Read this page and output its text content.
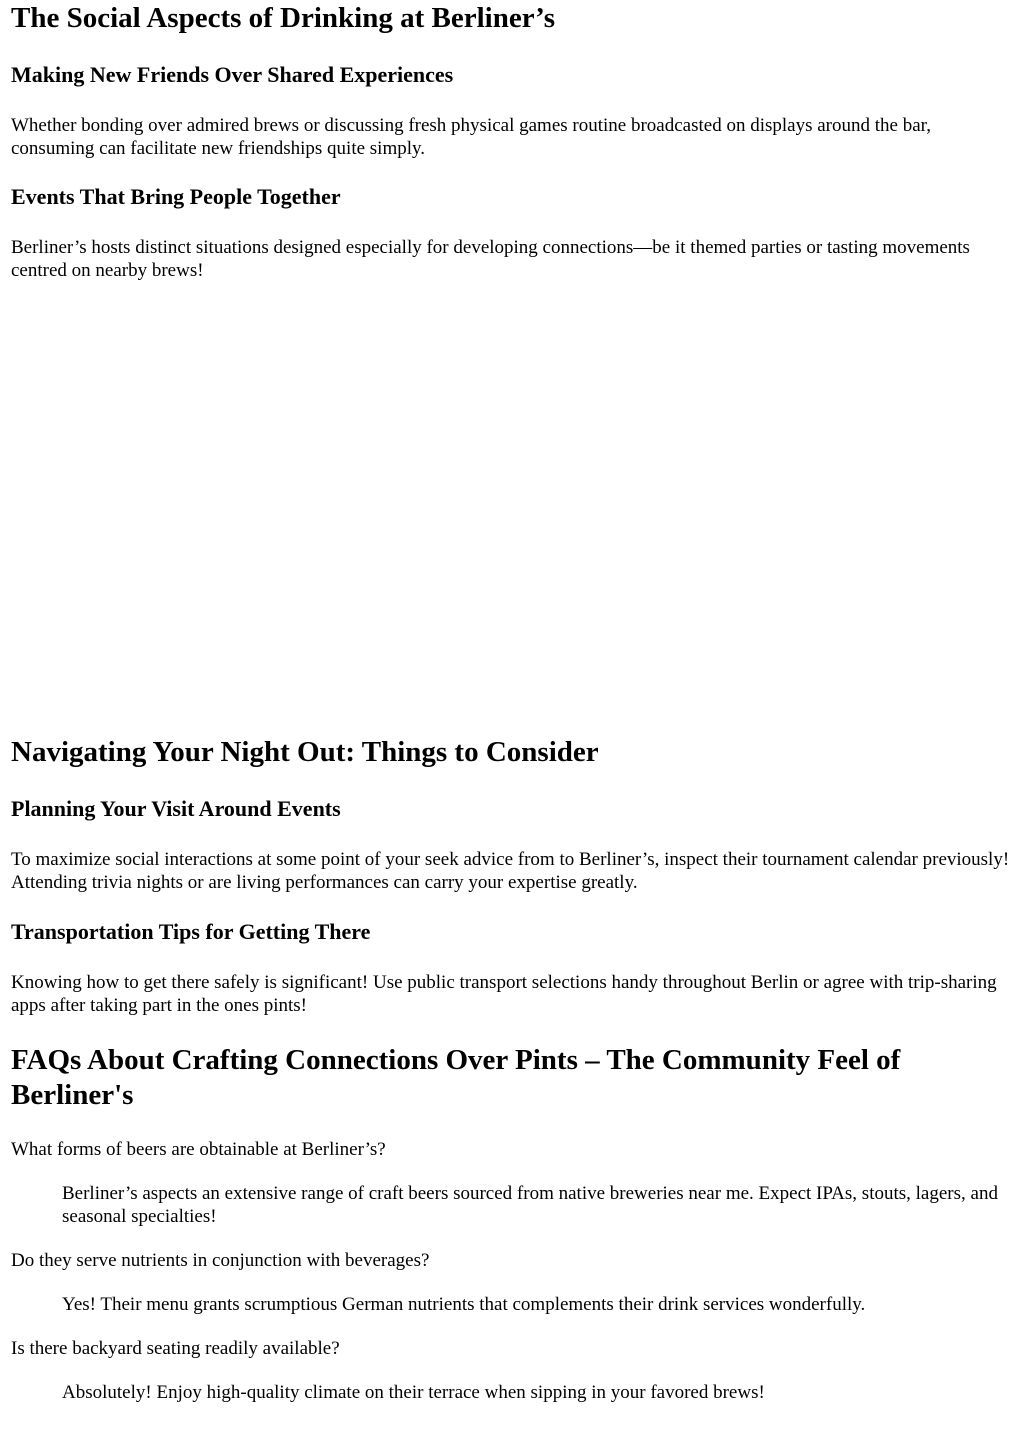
The Social Aspects of Drinking at Berliner’s
Making New Friends Over Shared Experiences

Whether bonding over admired brews or discussing fresh physical games routine broadcasted on displays around the bar, consuming can facilitate new friendships quite simply.

Events That Bring People Together

Berliner’s hosts distinct situations designed especially for developing connections—be it themed parties or tasting movements centred on nearby brews!

Navigating Your Night Out: Things to Consider
Planning Your Visit Around Events

To maximize social interactions at some point of your seek advice from to Berliner’s, inspect their tournament calendar previously! Attending trivia nights or are living performances can carry your expertise greatly.

Transportation Tips for Getting There

Knowing how to get there safely is significant! Use public transport selections handy throughout Berlin or agree with trip-sharing apps after taking part in the ones pints!

FAQs About Crafting Connections Over Pints – The Community Feel of Berliner's

What forms of beers are obtainable at Berliner’s?

Berliner’s aspects an extensive range of craft beers sourced from native breweries near me. Expect IPAs, stouts, lagers, and seasonal specialties!

Do they serve nutrients in conjunction with beverages?

Yes! Their menu grants scrumptious German nutrients that complements their drink services wonderfully.

Is there backyard seating readily available?

Absolutely! Enjoy high-quality climate on their terrace when sipping in your favored brews!
